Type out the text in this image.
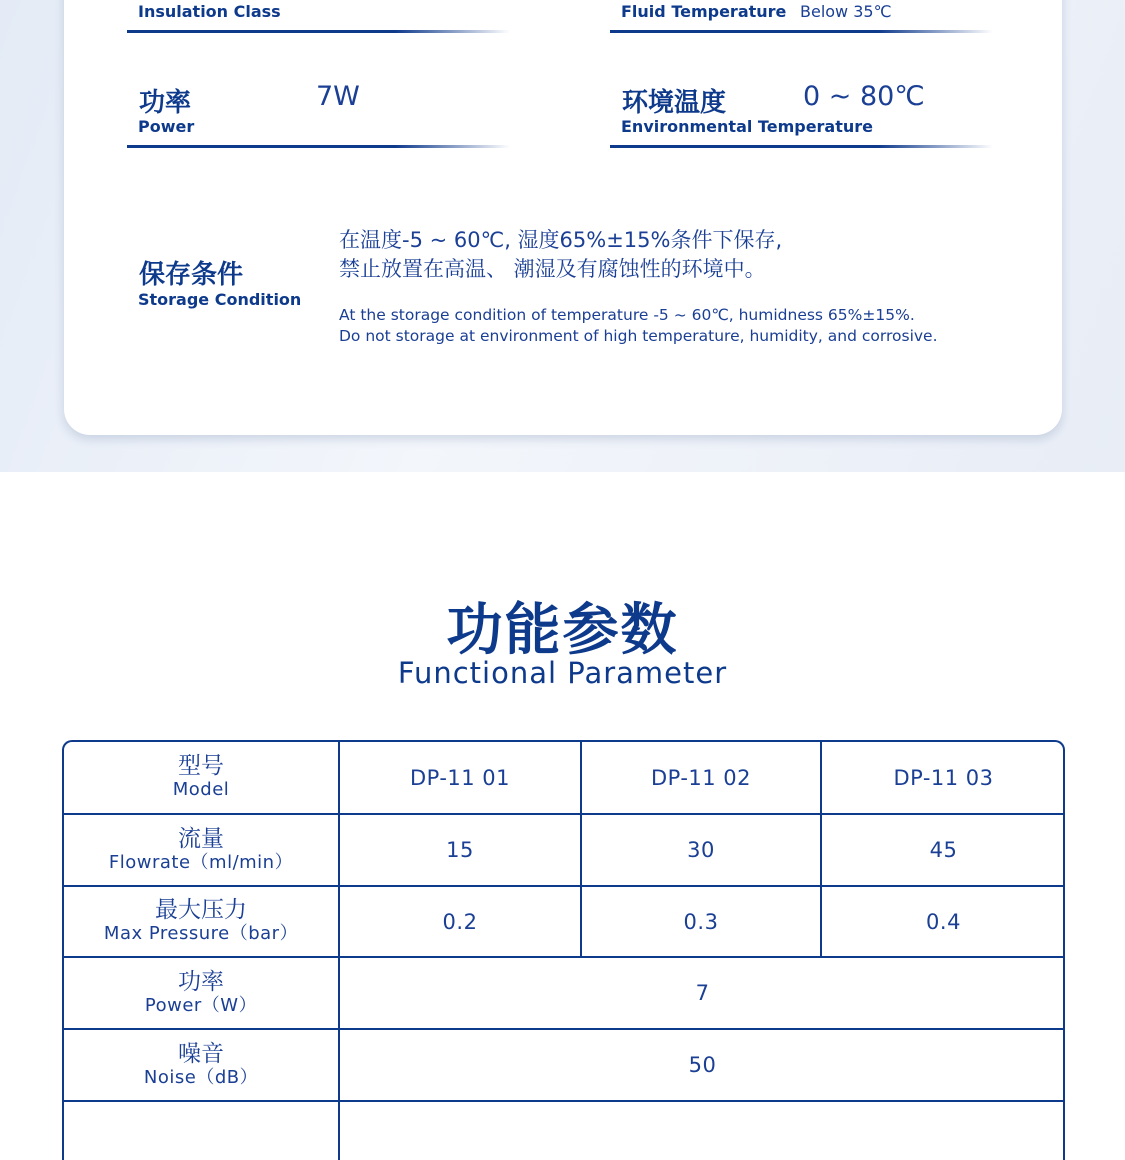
Insulation Class	Fluid Temperature Below 35℃
功率
Power
7W	环境温度
Environmental Temperature
0 ~ 80℃
保存条件
Storage Condition
在温度-5 ~ 60℃, 湿度65%±15%条件下保存,
禁止放置在高温、 潮湿及有腐蚀性的环境中。
At the storage condition of temperature -5 ~ 60℃, humidness 65%±15%.
Do not storage at environment of high temperature, humidity, and corrosive.
功能参数
Functional Parameter
型号
Model	DP-11 01	DP-11 02	DP-11 03
流量
Flowrate（ml/min）	15	30	45
最大压力
Max Pressure（bar）	0.2	0.3	0.4
功率
Power（W）	7
噪音
Noise（dB）	50
